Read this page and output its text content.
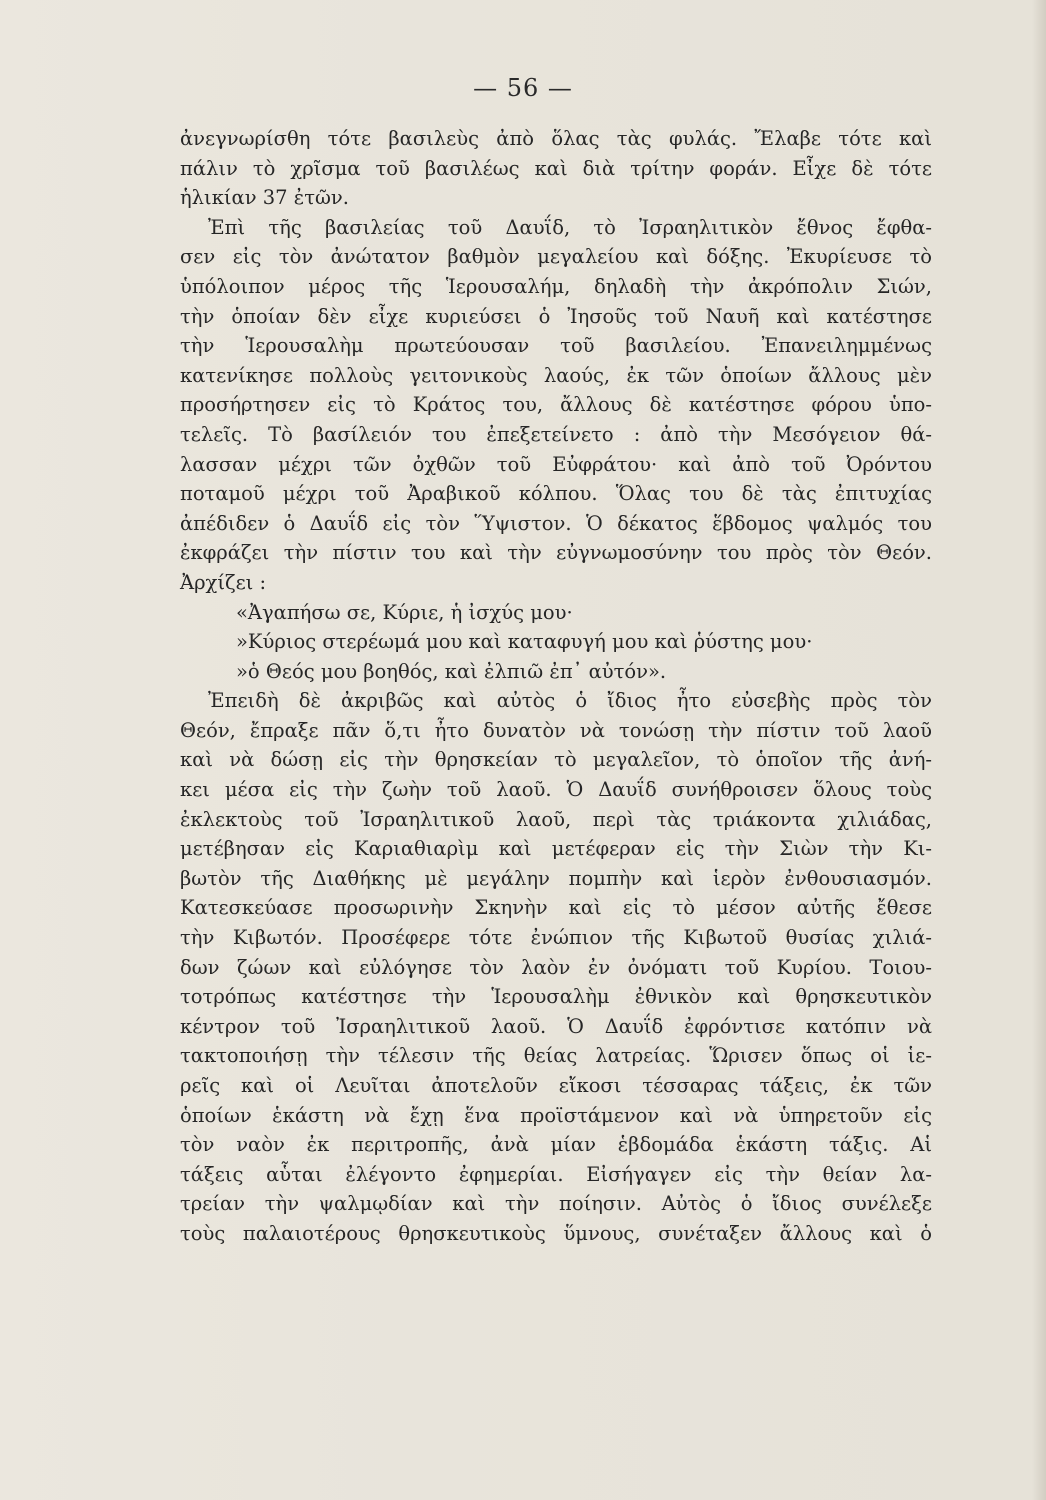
— 56 —
ἀνεγνωρίσθη τότε βασιλεὺς ἀπὸ ὅλας τὰς φυλάς. Ἔλαβε τότε καὶ
πάλιν τὸ χρῖσμα τοῦ βασιλέως καὶ διὰ τρίτην φοράν. Εἶχε δὲ τότε
ἡλικίαν 37 ἐτῶν.
Ἐπὶ τῆς βασιλείας τοῦ Δαυΐδ, τὸ Ἰσραηλιτικὸν ἔθνος ἔφθα-
σεν εἰς τὸν ἀνώτατον βαθμὸν μεγαλείου καὶ δόξης. Ἐκυρίευσε τὸ
ὑπόλοιπον μέρος τῆς Ἱερουσαλήμ, δηλαδὴ τὴν ἀκρόπολιν Σιών,
τὴν ὁποίαν δὲν εἶχε κυριεύσει ὁ Ἰησοῦς τοῦ Ναυῆ καὶ κατέστησε
τὴν Ἱερουσαλὴμ πρωτεύουσαν τοῦ βασιλείου. Ἐπανειλημμένως
κατενίκησε πολλοὺς γειτονικοὺς λαούς, ἐκ τῶν ὁποίων ἄλλους μὲν
προσήρτησεν εἰς τὸ Κράτος του, ἄλλους δὲ κατέστησε φόρου ὑπο-
τελεῖς. Τὸ βασίλειόν του ἐπεξετείνετο : ἀπὸ τὴν Μεσόγειον θά-
λασσαν μέχρι τῶν ὀχθῶν τοῦ Εὐφράτου· καὶ ἀπὸ τοῦ Ὀρόντου
ποταμοῦ μέχρι τοῦ Ἀραβικοῦ κόλπου. Ὅλας του δὲ τὰς ἐπιτυχίας
ἀπέδιδεν ὁ Δαυΐδ εἰς τὸν Ὕψιστον. Ὁ δέκατος ἕβδομος ψαλμός του
ἐκφράζει τὴν πίστιν του καὶ τὴν εὐγνωμοσύνην του πρὸς τὸν Θεόν.
Ἀρχίζει :
«Ἀγαπήσω σε, Κύριε, ἡ ἰσχύς μου·
»Κύριος στερέωμά μου καὶ καταφυγή μου καὶ ῥύστης μου·
»ὁ Θεός μου βοηθός, καὶ ἐλπιῶ ἐπ᾽ αὐτόν».
Ἐπειδὴ δὲ ἀκριβῶς καὶ αὐτὸς ὁ ἴδιος ἦτο εὐσεβὴς πρὸς τὸν
Θεόν, ἔπραξε πᾶν ὅ,τι ἦτο δυνατὸν νὰ τονώσῃ τὴν πίστιν τοῦ λαοῦ
καὶ νὰ δώσῃ εἰς τὴν θρησκείαν τὸ μεγαλεῖον, τὸ ὁποῖον τῆς ἀνή-
κει μέσα εἰς τὴν ζωὴν τοῦ λαοῦ. Ὁ Δαυΐδ συνήθροισεν ὅλους τοὺς
ἐκλεκτοὺς τοῦ Ἰσραηλιτικοῦ λαοῦ, περὶ τὰς τριάκοντα χιλιάδας,
μετέβησαν εἰς Καριαθιαρὶμ καὶ μετέφεραν εἰς τὴν Σιὼν τὴν Κι-
βωτὸν τῆς Διαθήκης μὲ μεγάλην πομπὴν καὶ ἱερὸν ἐνθουσιασμόν.
Κατεσκεύασε προσωρινὴν Σκηνὴν καὶ εἰς τὸ μέσον αὐτῆς ἔθεσε
τὴν Κιβωτόν. Προσέφερε τότε ἐνώπιον τῆς Κιβωτοῦ θυσίας χιλιά-
δων ζώων καὶ εὐλόγησε τὸν λαὸν ἐν ὀνόματι τοῦ Κυρίου. Τοιου-
τοτρόπως κατέστησε τὴν Ἱερουσαλὴμ ἐθνικὸν καὶ θρησκευτικὸν
κέντρον τοῦ Ἰσραηλιτικοῦ λαοῦ. Ὁ Δαυΐδ ἐφρόντισε κατόπιν νὰ
τακτοποιήσῃ τὴν τέλεσιν τῆς θείας λατρείας. Ὥρισεν ὅπως οἱ ἱε-
ρεῖς καὶ οἱ Λευῖται ἀποτελοῦν εἴκοσι τέσσαρας τάξεις, ἐκ τῶν
ὁποίων ἑκάστη νὰ ἔχῃ ἕνα προϊστάμενον καὶ νὰ ὑπηρετοῦν εἰς
τὸν ναὸν ἐκ περιτροπῆς, ἀνὰ μίαν ἑβδομάδα ἑκάστη τάξις. Αἱ
τάξεις αὗται ἐλέγοντο ἐφημερίαι. Εἰσήγαγεν εἰς τὴν θείαν λα-
τρείαν τὴν ψαλμῳδίαν καὶ τὴν ποίησιν. Αὐτὸς ὁ ἴδιος συνέλεξε
τοὺς παλαιοτέρους θρησκευτικοὺς ὕμνους, συνέταξεν ἄλλους καὶ ὁ
